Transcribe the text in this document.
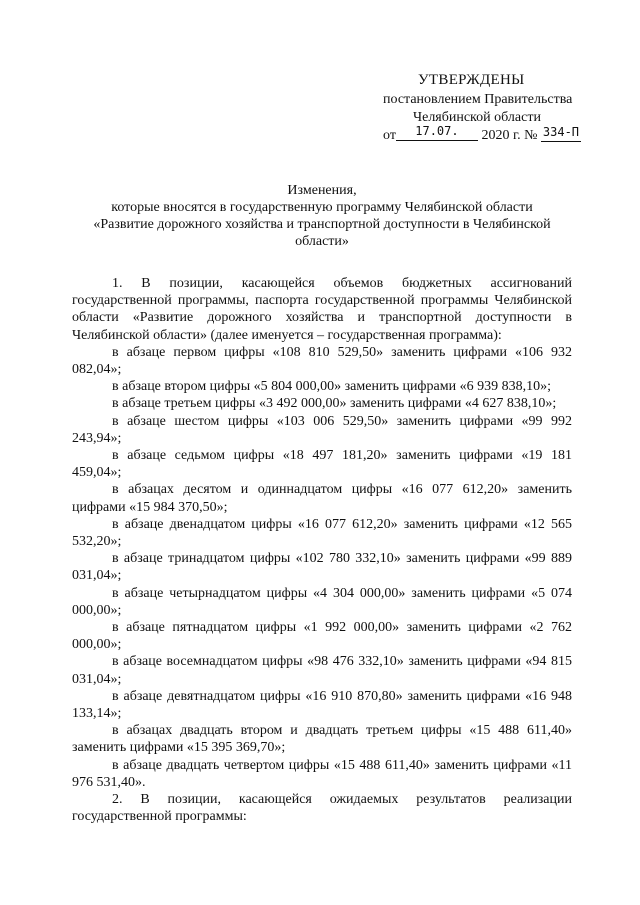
УТВЕРЖДЕНЫ
постановлением Правительства
Челябинской области
от 17.07. 2020 г. № 334-П
Изменения,
которые вносятся в государственную программу Челябинской области
«Развитие дорожного хозяйства и транспортной доступности в Челябинской
области»

1. В позиции, касающейся объемов бюджетных ассигнований государственной программы, паспорта государственной программы Челябинской области «Развитие дорожного хозяйства и транспортной доступности в Челябинской области» (далее именуется – государственная программа):

в абзаце первом цифры «108 810 529,50» заменить цифрами «106 932 082,04»;

в абзаце втором цифры «5 804 000,00» заменить цифрами «6 939 838,10»;

в абзаце третьем цифры «3 492 000,00» заменить цифрами «4 627 838,10»;

в абзаце шестом цифры «103 006 529,50» заменить цифрами «99 992 243,94»;

в абзаце седьмом цифры «18 497 181,20» заменить цифрами «19 181 459,04»;

в абзацах десятом и одиннадцатом цифры «16 077 612,20» заменить цифрами «15 984 370,50»;

в абзаце двенадцатом цифры «16 077 612,20» заменить цифрами «12 565 532,20»;

в абзаце тринадцатом цифры «102 780 332,10» заменить цифрами «99 889 031,04»;

в абзаце четырнадцатом цифры «4 304 000,00» заменить цифрами «5 074 000,00»;

в абзаце пятнадцатом цифры «1 992 000,00» заменить цифрами «2 762 000,00»;

в абзаце восемнадцатом цифры «98 476 332,10» заменить цифрами «94 815 031,04»;

в абзаце девятнадцатом цифры «16 910 870,80» заменить цифрами «16 948 133,14»;

в абзацах двадцать втором и двадцать третьем цифры «15 488 611,40» заменить цифрами «15 395 369,70»;

в абзаце двадцать четвертом цифры «15 488 611,40» заменить цифрами «11 976 531,40».

2. В позиции, касающейся ожидаемых результатов реализации государственной программы:
